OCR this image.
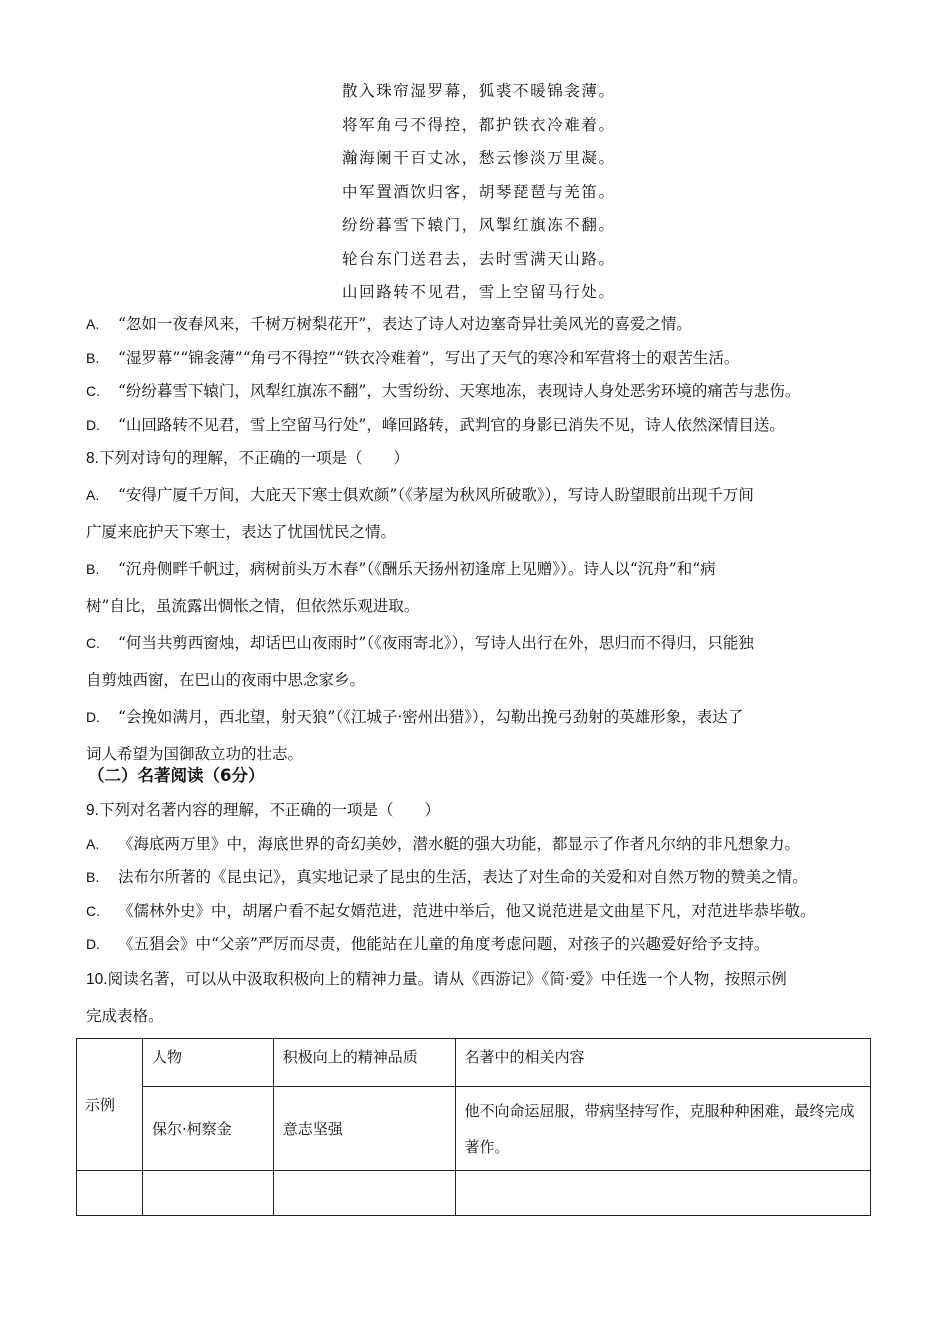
散入珠帘湿罗幕，狐裘不暖锦衾薄。
将军角弓不得控，都护铁衣冷难着。
瀚海阑干百丈冰，愁云惨淡万里凝。
中军置酒饮归客，胡琴琵琶与羌笛。
纷纷暮雪下辕门，风掣红旗冻不翻。
轮台东门送君去，去时雪满天山路。
山回路转不见君，雪上空留马行处。
A. “忽如一夜春风来，千树万树梨花开”，表达了诗人对边塞奇异壮美风光的喜爱之情。
B. “湿罗幕”“锦衾薄”“角弓不得控”“铁衣冷难着”，写出了天气的寒冷和军营将士的艰苦生活。
C. “纷纷暮雪下辕门，风犁红旗冻不翻”，大雪纷纷、天寒地冻，表现诗人身处恶劣环境的痛苦与悲伤。
D. “山回路转不见君，雪上空留马行处”，峰回路转，武判官的身影已消失不见，诗人依然深情目送。
8.下列对诗句的理解，不正确的一项是（　　）
A. “安得广厦千万间，大庇天下寒士俱欢颜”（《茅屋为秋风所破歌》），写诗人盼望眼前出现千万间
广厦来庇护天下寒士，表达了忧国忧民之情。
B. “沉舟侧畔千帆过，病树前头万木春”（《酬乐天扬州初逢席上见赠》）。诗人以“沉舟”和“病
树”自比，虽流露出惆怅之情，但依然乐观进取。
C. “何当共剪西窗烛，却话巴山夜雨时”（《夜雨寄北》），写诗人出行在外，思归而不得归，只能独
自剪烛西窗，在巴山的夜雨中思念家乡。
D. “会挽如满月，西北望，射天狼”（《江城子·密州出猎》），勾勒出挽弓劲射的英雄形象，表达了
词人希望为国御敌立功的壮志。
（二）名著阅读（6分）
9.下列对名著内容的理解，不正确的一项是（　　）
A. 《海底两万里》中，海底世界的奇幻美妙，潜水艇的强大功能，都显示了作者凡尔纳的非凡想象力。
B. 法布尔所著的《昆虫记》，真实地记录了昆虫的生活，表达了对生命的关爱和对自然万物的赞美之情。
C. 《儒林外史》中，胡屠户看不起女婿范进，范进中举后，他又说范进是文曲星下凡，对范进毕恭毕敬。
D. 《五猖会》中“父亲”严厉而尽责，他能站在儿童的角度考虑问题，对孩子的兴趣爱好给予支持。
10.阅读名著，可以从中汲取积极向上的精神力量。请从《西游记》《简·爱》中任选一个人物，按照示例
完成表格。
示例	人物	积极向上的精神品质	名著中的相关内容

	保尔·柯察金	意志坚强	他不向命运屈服，带病坚持写作，克服种种困难，最终完成著作。
